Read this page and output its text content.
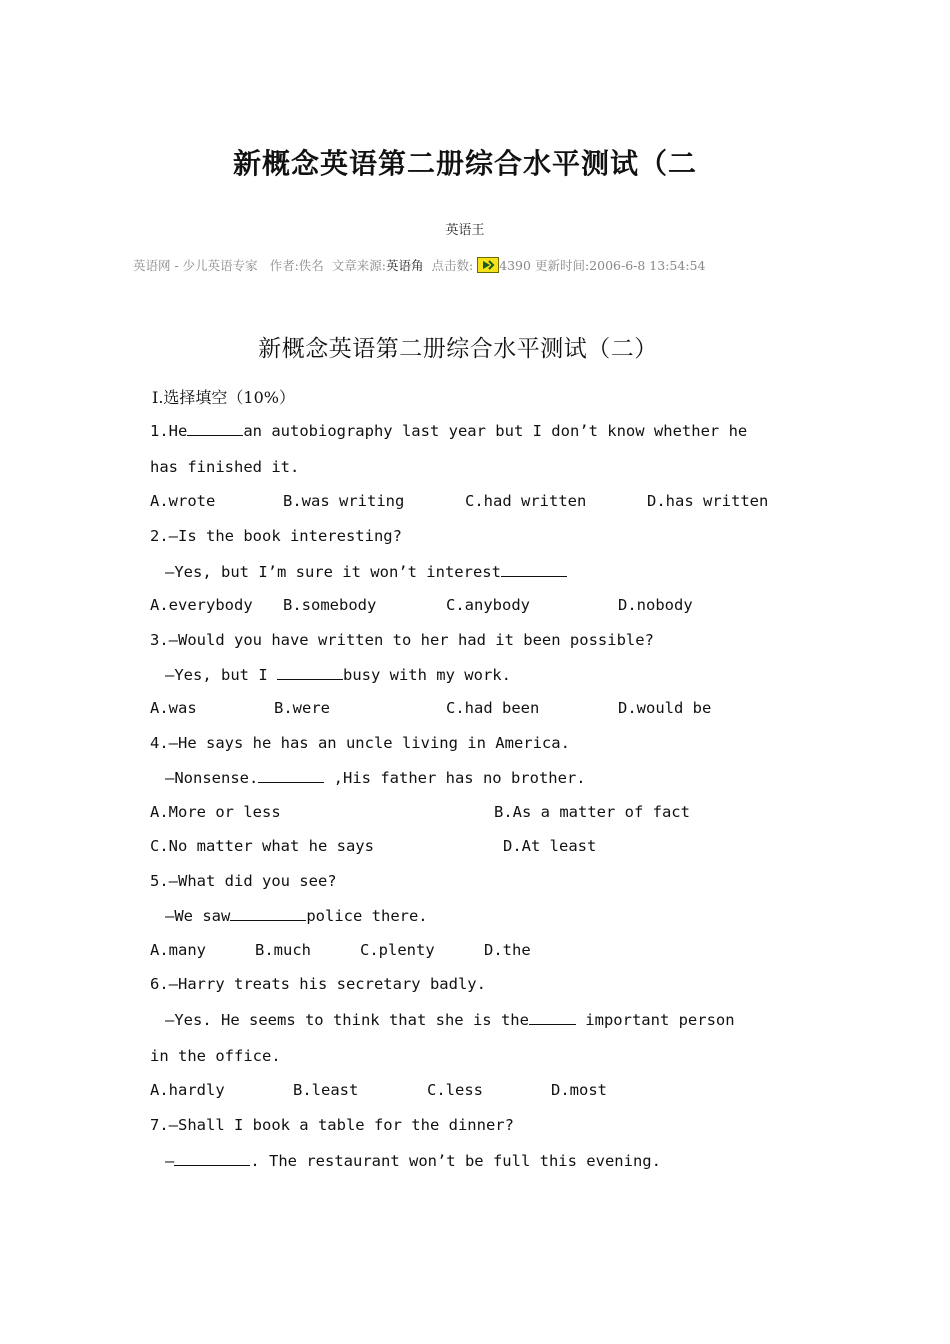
新概念英语第二册综合水平测试（二
英语王
英语网 - 少儿英语专家 作者:佚名 文章来源:英语角 点击数: 4390 更新时间:2006-6-8 13:54:54
新概念英语第二册综合水平测试（二）
Ⅰ.选择填空（10%）
1.He	an autobiography last year but I don’t know whether he
has finished it.
A.wrote	B.was writing	C.had written	D.has written
2.—Is the book interesting?
—Yes, but I’m sure it won’t interest
A.everybody B.somebody	C.anybody	D.nobody
3.—Would you have written to her had it been possible?
—Yes, but I	busy with my work.
A.was	B.were	C.had been	D.would be
4.—He says he has an uncle living in America.
—Nonsense.	,His father has no brother.
A.More or less	B.As a matter of fact
C.No matter what he says	D.At least
5.—What did you see?
—We saw	police there.
A.many	B.much	C.plenty	D.the
6.—Harry treats his secretary badly.
—Yes. He seems to think that she is the	important person
in the office.
A.hardly	B.least	C.less	D.most
7.—Shall I book a table for the dinner?
—	. The restaurant won’t be full this evening.
